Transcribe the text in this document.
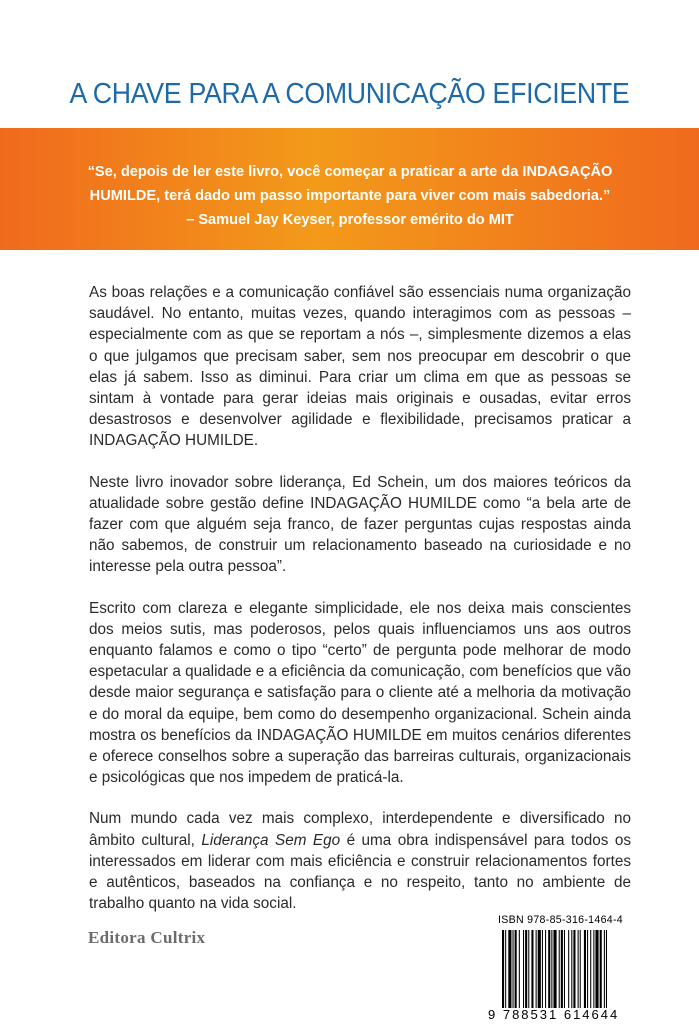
A CHAVE PARA A COMUNICAÇÃO EFICIENTE

“Se, depois de ler este livro, você começar a praticar a arte da INDAGAÇÃO

HUMILDE, terá dado um passo importante para viver com mais sabedoria.”

– Samuel Jay Keyser, professor emérito do MIT

As boas relações e a comunicação confiável são essenciais numa organização saudável. No entanto, muitas vezes, quando interagimos com as pessoas – especialmente com as que se reportam a nós –, simplesmente dizemos a elas o que julgamos que precisam saber, sem nos preocupar em descobrir o que elas já sabem. Isso as diminui. Para criar um clima em que as pessoas se sintam à vontade para gerar ideias mais originais e ousadas, evitar erros desastrosos e desenvolver agilidade e flexibilidade, precisamos praticar a INDAGAÇÃO HUMILDE.

Neste livro inovador sobre liderança, Ed Schein, um dos maiores teóricos da atualidade sobre gestão define INDAGAÇÃO HUMILDE como “a bela arte de fazer com que alguém seja franco, de fazer perguntas cujas respostas ainda não sabemos, de construir um relacionamento baseado na curiosidade e no interesse pela outra pessoa”.

Escrito com clareza e elegante simplicidade, ele nos deixa mais conscientes dos meios sutis, mas poderosos, pelos quais influenciamos uns aos outros enquanto falamos e como o tipo “certo” de pergunta pode melhorar de modo espetacular a qualidade e a eficiência da comunicação, com benefícios que vão desde maior segurança e satisfação para o cliente até a melhoria da motivação e do moral da equipe, bem como do desempenho organizacional. Schein ainda mostra os benefícios da INDAGAÇÃO HUMILDE em muitos cenários diferentes e oferece conselhos sobre a superação das barreiras culturais, organizacionais e psicológicas que nos impedem de praticá-la.

Num mundo cada vez mais complexo, interdependente e diversificado no âmbito cultural, Liderança Sem Ego é uma obra indispensável para todos os interessados em liderar com mais eficiência e construir relacionamentos fortes e autênticos, baseados na confiança e no respeito, tanto no ambiente de trabalho quanto na vida social.

Editora Cultrix
ISBN 978-85-316-1464-4
9 788531 614644
